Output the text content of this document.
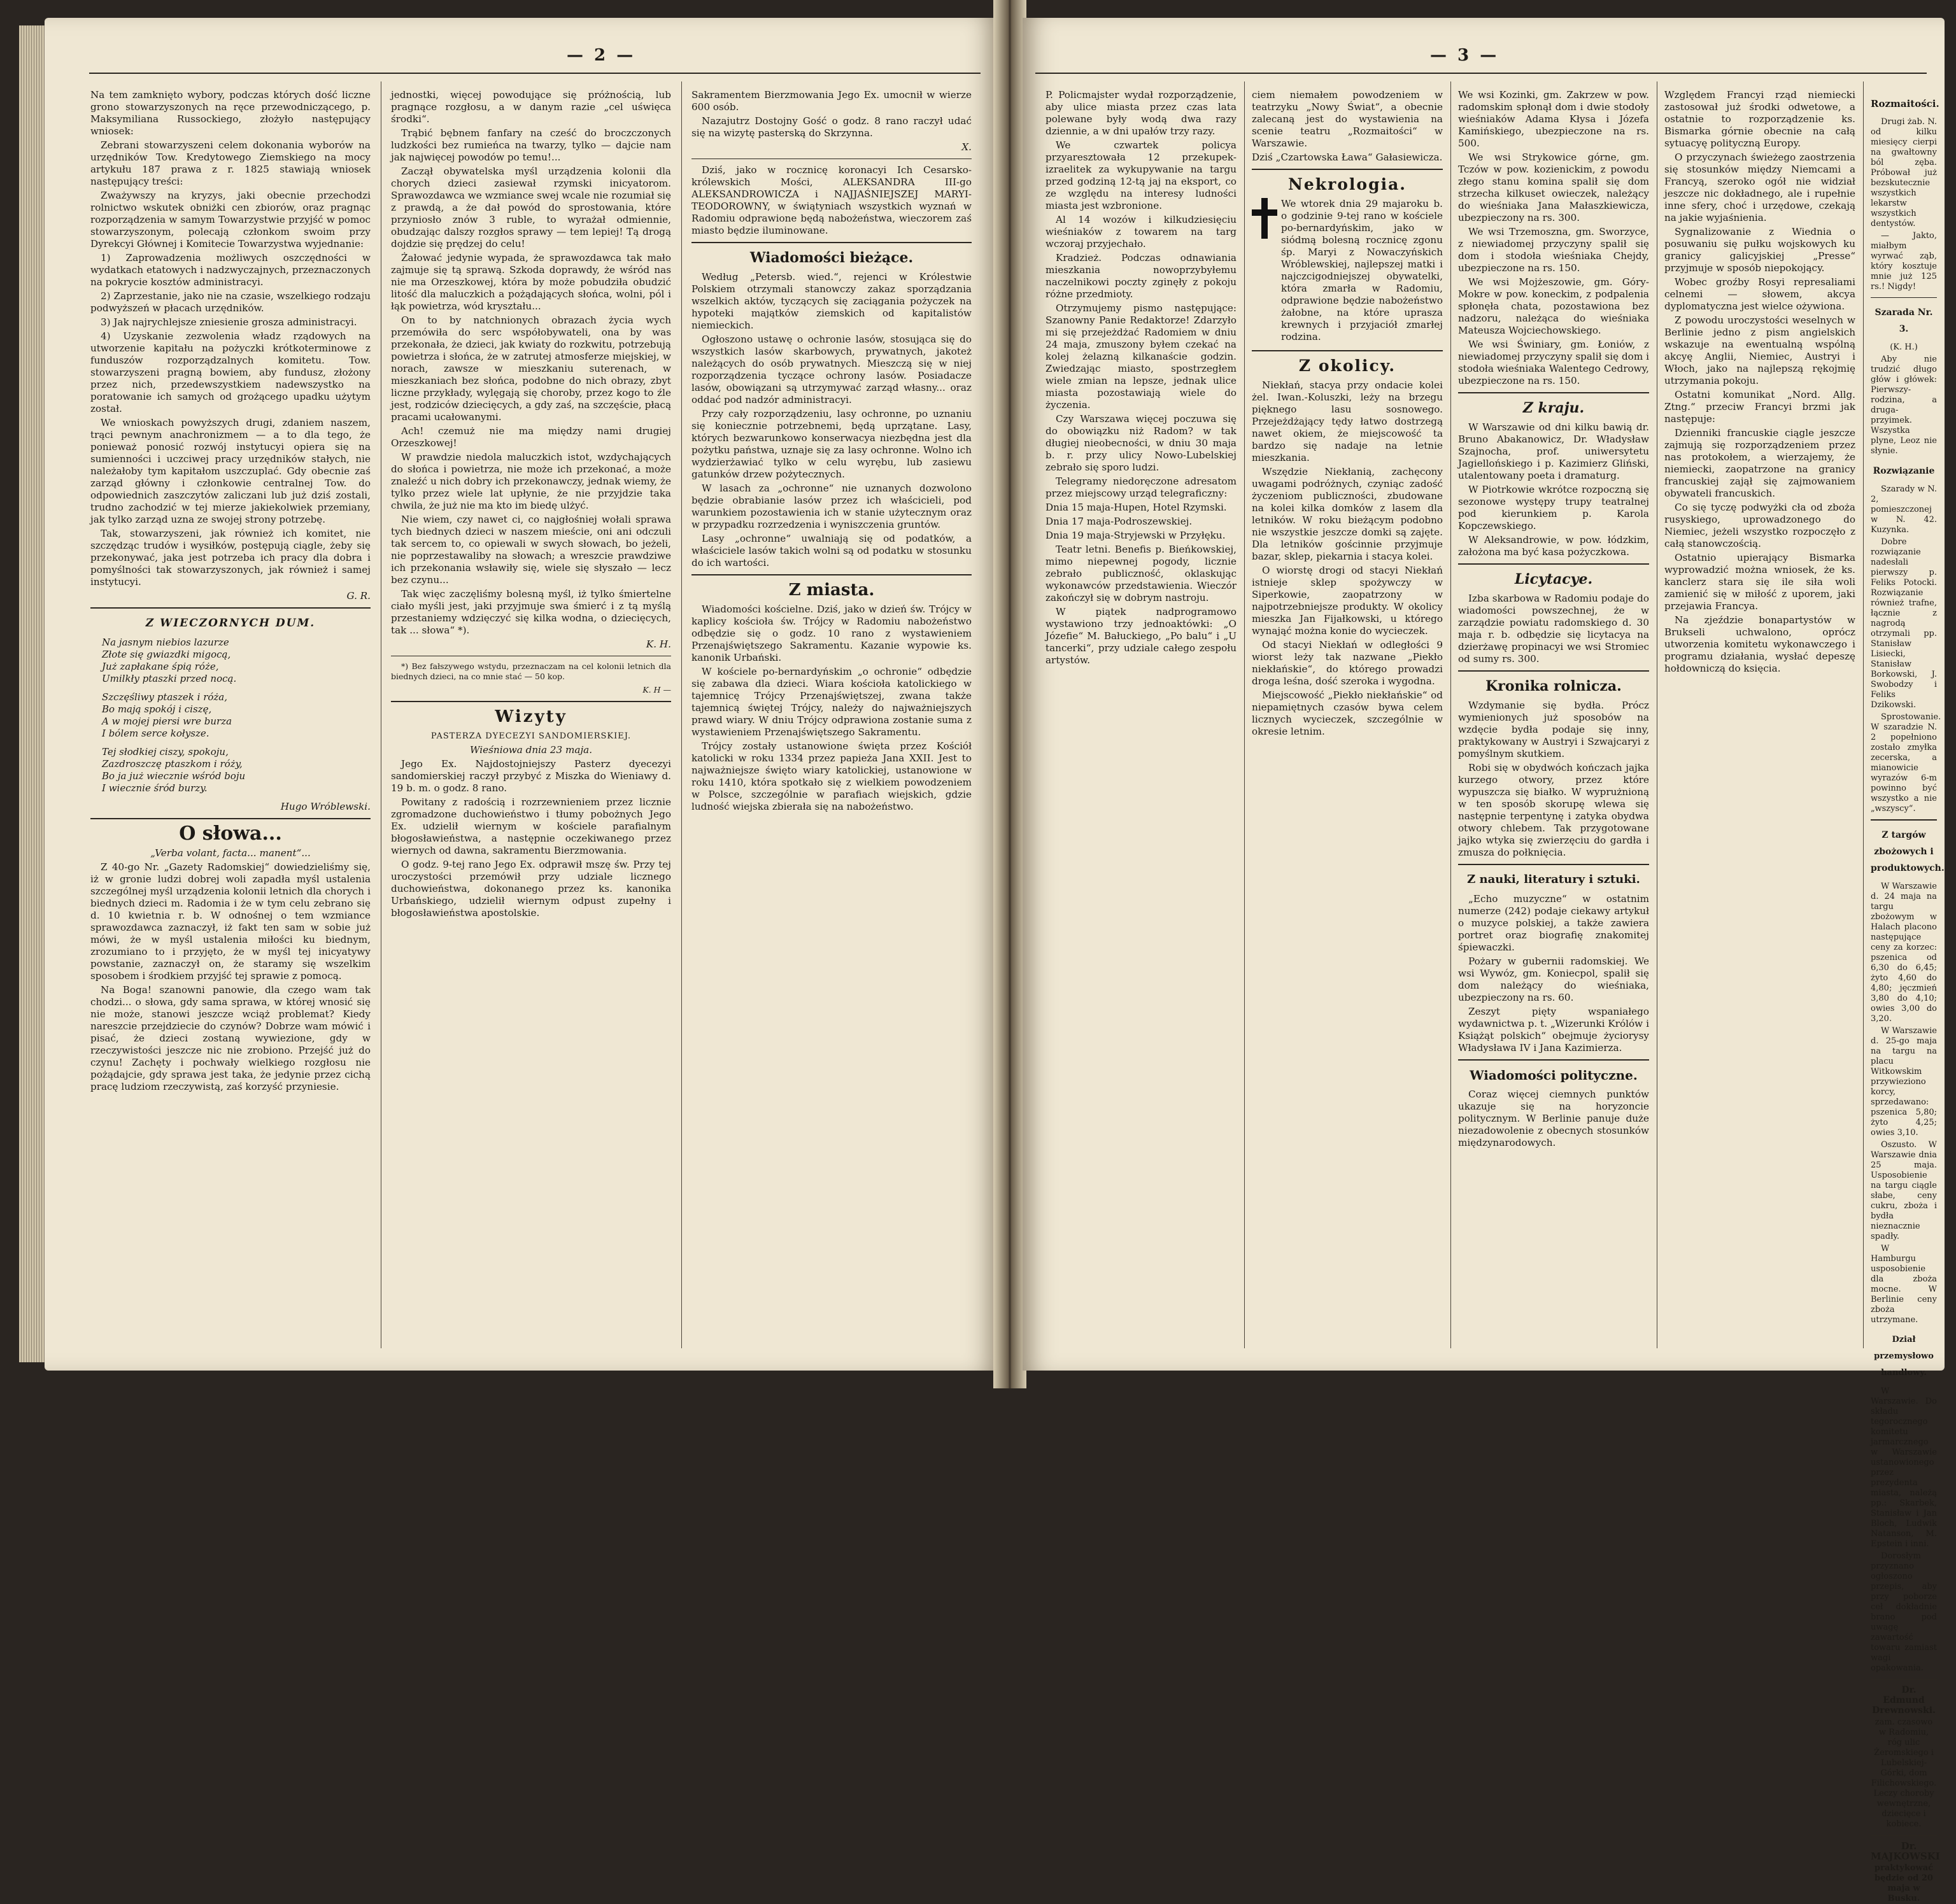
— 2 —

Na tem zamknięto wybory, podczas których dość liczne grono stowarzyszonych na ręce przewodniczącego, p. Maksymiliana Russockiego, złożyło następujący wniosek:

Zebrani stowarzyszeni celem dokonania wyborów na urzędników Tow. Kredytowego Ziemskiego na mocy artykułu 187 prawa z r. 1825 stawiają wniosek następujący treści:

Zważywszy na kryzys, jaki obecnie przechodzi rolnictwo wskutek obniżki cen zbiorów, oraz pragnąc rozporządzenia w samym Towarzystwie przyjść w pomoc stowarzyszonym, polecają członkom swoim przy Dyrekcyi Głównej i Komitecie Towarzystwa wyjednanie:

1) Zaprowadzenia możliwych oszczędności w wydatkach etatowych i nadzwyczajnych, przeznaczonych na pokrycie kosztów administracyi.

2) Zaprzestanie, jako nie na czasie, wszelkiego rodzaju podwyższeń w płacach urzędników.

3) Jak najrychlejsze zniesienie grosza administracyi.

4) Uzyskanie zezwolenia władz rządowych na utworzenie kapitału na pożyczki krótkoterminowe z funduszów rozporządzalnych komitetu. Tow. stowarzyszeni pragną bowiem, aby fundusz, złożony przez nich, przedewszystkiem nadewszystko na poratowanie ich samych od grożącego upadku użytym został.

We wnioskach powyższych drugi, zdaniem naszem, trąci pewnym anachronizmem — a to dla tego, że ponieważ ponosić rozwój instytucyi opiera się na sumienności i uczciwej pracy urzędników stałych, nie należałoby tym kapitałom uszczuplać. Gdy obecnie zaś zarząd główny i członkowie centralnej Tow. do odpowiednich zaszczytów zaliczani lub już dziś zostali, trudno zachodzić w tej mierze jakiekolwiek przemiany, jak tylko zarząd uzna ze swojej strony potrzebę.

Tak, stowarzyszeni, jak również ich komitet, nie szczędząc trudów i wysiłków, postępują ciągle, żeby się przekonywać, jaka jest potrzeba ich pracy dla dobra i pomyślności tak stowarzyszonych, jak również i samej instytucyi.

G. R.
Z WIECZORNYCH DUM.
Na jasnym niebios lazurze
Złote się gwiazdki migocą,
Już zapłakane śpią róże,
Umilkły ptaszki przed nocą.
Szczęśliwy ptaszek i róża,
Bo mają spokój i ciszę,
A w mojej piersi wre burza
I bólem serce kołysze.
Tej słodkiej ciszy, spokoju,
Zazdroszczę ptaszkom i róży,
Bo ja już wiecznie wśród boju
I wiecznie śród burzy.
Hugo Wróblewski.
O słowa...

„Verba volant, facta... manent“...

Z 40-go Nr. „Gazety Radomskiej“ dowiedzieliśmy się, iż w gronie ludzi dobrej woli zapadła myśl ustalenia szczególnej myśl urządzenia kolonii letnich dla chorych i biednych dzieci m. Radomia i że w tym celu zebrano się d. 10 kwietnia r. b. W odnośnej o tem wzmiance sprawozdawca zaznaczył, iż fakt ten sam w sobie już mówi, że w myśl ustalenia miłości ku biednym, zrozumiano to i przyjęto, że w myśl tej inicyatywy powstanie, zaznaczył on, że staramy się wszelkim sposobem i środkiem przyjść tej sprawie z pomocą.

Na Boga! szanowni panowie, dla czego wam tak chodzi... o słowa, gdy sama sprawa, w której wnosić się nie może, stanowi jeszcze wciąż problemat? Kiedy nareszcie przejdziecie do czynów? Dobrze wam mówić i pisać, że dzieci zostaną wywiezione, gdy w rzeczywistości jeszcze nic nie zrobiono. Przejść już do czynu! Zachęty i pochwały wielkiego rozgłosu nie pożądajcie, gdy sprawa jest taka, że jedynie przez cichą pracę ludziom rzeczywistą, zaś korzyść przyniesie.

jednostki, więcej powodujące się próżnością, lub pragnące rozgłosu, a w danym razie „cel uświęca środki“.

Trąbić bębnem fanfary na cześć do broczczonych ludzkości bez rumieńca na twarzy, tylko — dajcie nam jak najwięcej powodów po temu!...

Zaczął obywatelska myśl urządzenia kolonii dla chorych dzieci zasiewał rzymski inicyatorom. Sprawozdawca we wzmiance swej wcale nie rozumiał się z prawdą, a że dał powód do sprostowania, które przyniosło znów 3 ruble, to wyrażał odmiennie, obudzając dalszy rozgłos sprawy — tem lepiej! Tą drogą dojdzie się prędzej do celu!

Żałować jedynie wypada, że sprawozdawca tak mało zajmuje się tą sprawą. Szkoda doprawdy, że wśród nas nie ma Orzeszkowej, która by może pobudziła obudzić litość dla maluczkich a pożądających słońca, wolni, pól i łąk powietrza, wód kryształu...

On to by natchnionych obrazach życia wych przemówiła do serc współobywateli, ona by was przekonała, że dzieci, jak kwiaty do rozkwitu, potrzebują powietrza i słońca, że w zatrutej atmosferze miejskiej, w norach, zawsze w mieszkaniu suterenach, w mieszkaniach bez słońca, podobne do nich obrazy, zbyt liczne przykłady, wylęgają się choroby, przez kogo to źle jest, rodziców dziecięcych, a gdy zaś, na szczęście, płacą pracami ucałowanymi.

Ach! czemuż nie ma między nami drugiej Orzeszkowej!

W prawdzie niedola maluczkich istot, wzdychających do słońca i powietrza, nie może ich przekonać, a może znaleźć u nich dobry ich przekonawczy, jednak wiemy, że tylko przez wiele lat upłynie, że nie przyjdzie taka chwila, że już nie ma kto im biedę ulżyć.

Nie wiem, czy nawet ci, co najgłośniej wołali sprawa tych biednych dzieci w naszem mieście, oni ani odczuli tak sercem to, co opiewali w swych słowach, bo jeżeli, nie poprzestawaliby na słowach; a wreszcie prawdziwe ich przekonania wsławiły się, wiele się słyszało — lecz bez czynu...

Tak więc zaczęliśmy bolesną myśl, iż tylko śmiertelne ciało myśli jest, jaki przyjmuje swa śmierć i z tą myślą przestaniemy wdzięczyć się kilka wodna, o dziecięcych, tak ... słowa“ *).

K. H.

*) Bez fałszywego wstydu, przeznaczam na cel kolonii letnich dla biednych dzieci, na co mnie stać — 50 kop.

K. H —
Wizyty

PASTERZA DYECEZYI SANDOMIERSKIEJ.

Wieśniowa dnia 23 maja.

Jego Ex. Najdostojniejszy Pasterz dyecezyi sandomierskiej raczył przybyć z Miszka do Wieniawy d. 19 b. m. o godz. 8 rano.

Powitany z radością i rozrzewnieniem przez licznie zgromadzone duchowieństwo i tłumy pobożnych Jego Ex. udzielił wiernym w kościele parafialnym błogosławieństwa, a następnie oczekiwanego przez wiernych od dawna, sakramentu Bierzmowania.

O godz. 9-tej rano Jego Ex. odprawił mszę św. Przy tej uroczystości przemówił przy udziale licznego duchowieństwa, dokonanego przez ks. kanonika Urbańskiego, udzielił wiernym odpust zupełny i błogosławieństwa apostolskie.

Sakramentem Bierzmowania Jego Ex. umocnił w wierze 600 osób.

Nazajutrz Dostojny Gość o godz. 8 rano raczył udać się na wizytę pasterską do Skrzynna.

X.

Dziś, jako w rocznicę koronacyi Ich Cesarsko-królewskich Mości, ALEKSANDRA III-go ALEKSANDROWICZA i NAJJAŚNIEJSZEJ MARYI-TEODOROWNY, w świątyniach wszystkich wyznań w Radomiu odprawione będą nabożeństwa, wieczorem zaś miasto będzie iluminowane.

Wiadomości bieżące.

Według „Petersb. wied.“, rejenci w Królestwie Polskiem otrzymali stanowczy zakaz sporządzania wszelkich aktów, tyczących się zaciągania pożyczek na hypoteki majątków ziemskich od kapitalistów niemieckich.

Ogłoszono ustawę o ochronie lasów, stosująca się do wszystkich lasów skarbowych, prywatnych, jakoteż należących do osób prywatnych. Mieszczą się w niej rozporządzenia tyczące ochrony lasów. Posiadacze lasów, obowiązani są utrzymywać zarząd własny... oraz oddać pod nadzór administracyi.

Przy cały rozporządzeniu, lasy ochronne, po uznaniu się koniecznie potrzebnemi, będą uprzątane. Lasy, których bezwarunkowo konserwacya niezbędna jest dla pożytku państwa, uznaje się za lasy ochronne. Wolno ich wydzierżawiać tylko w celu wyrębu, lub zasiewu gatunków drzew pożytecznych.

W lasach za „ochronne“ nie uznanych dozwolono będzie obrabianie lasów przez ich właścicieli, pod warunkiem pozostawienia ich w stanie użytecznym oraz w przypadku rozrzedzenia i wyniszczenia gruntów.

Lasy „ochronne“ uwalniają się od podatków, a właściciele lasów takich wolni są od podatku w stosunku do ich wartości.

Z miasta.

Wiadomości kościelne. Dziś, jako w dzień św. Trójcy w kaplicy kościoła św. Trójcy w Radomiu nabożeństwo odbędzie się o godz. 10 rano z wystawieniem Przenajświętszego Sakramentu. Kazanie wypowie ks. kanonik Urbański.

W kościele po-bernardyńskim „o ochronie“ odbędzie się zabawa dla dzieci. Wiara kościoła katolickiego w tajemnicę Trójcy Przenajświętszej, zwana także tajemnicą świętej Trójcy, należy do najważniejszych prawd wiary. W dniu Trójcy odprawiona zostanie suma z wystawieniem Przenajświętszego Sakramentu.

Trójcy zostały ustanowione święta przez Kościół katolicki w roku 1334 przez papieża Jana XXII. Jest to najważniejsze święto wiary katolickiej, ustanowione w roku 1410, która spotkało się z wielkiem powodzeniem w Polsce, szczególnie w parafiach wiejskich, gdzie ludność wiejska zbierała się na nabożeństwo.

— 3 —

P. Policmajster wydał rozporządzenie, aby ulice miasta przez czas lata polewane były wodą dwa razy dziennie, a w dni upałów trzy razy.

We czwartek policya przyaresztowała 12 przekupek-izraelitek za wykupywanie na targu przed godziną 12-tą jaj na eksport, co ze względu na interesy ludności miasta jest wzbronione.

Al 14 wozów i kilkudziesięciu wieśniaków z towarem na targ wczoraj przyjechało.

Kradzież. Podczas odnawiania mieszkania nowoprzybyłemu naczelnikowi poczty zginęły z pokoju różne przedmioty.

Otrzymujemy pismo następujące: Szanowny Panie Redaktorze! Zdarzyło mi się przejeżdżać Radomiem w dniu 24 maja, zmuszony byłem czekać na kolej żelazną kilkanaście godzin. Zwiedzając miasto, spostrzegłem wiele zmian na lepsze, jednak ulice miasta pozostawiają wiele do życzenia.

Czy Warszawa więcej poczuwa się do obowiązku niż Radom? w tak długiej nieobecności, w dniu 30 maja b. r. przy ulicy Nowo-Lubelskiej zebrało się sporo ludzi.

Telegramy niedoręczone adresatom przez miejscowy urząd telegraficzny:

Dnia 15 maja-Hupen, Hotel Rzymski.

Dnia 17 maja-Podroszewskiej.

Dnia 19 maja-Stryjewski w Przyłęku.

Teatr letni. Benefis p. Bieńkowskiej, mimo niepewnej pogody, licznie zebrało publiczność, oklaskując wykonawców przedstawienia. Wieczór zakończył się w dobrym nastroju.

W piątek nadprogramowo wystawiono trzy jednoaktówki: „O Józefie“ M. Bałuckiego, „Po balu“ i „U tancerki“, przy udziale całego zespołu artystów.

ciem niemałem powodzeniem w teatrzyku „Nowy Świat“, a obecnie zalecaną jest do wystawienia na scenie teatru „Rozmaitości“ w Warszawie.

Dziś „Czartowska Ława“ Gałasiewicza.

Nekrologia.

We wtorek dnia 29 majaroku b. o godzinie 9-tej rano w kościele po-bernardyńskim, jako w siódmą bolesną rocznicę zgonu śp. Maryi z Nowaczyńskich Wróblewskiej, najlepszej matki i najczcigodniejszej obywatelki, która zmarła w Radomiu, odprawione będzie nabożeństwo żałobne, na które uprasza krewnych i przyjaciół zmarłej rodzina.

Z okolicy.

Niekłań, stacya przy ondacie kolei żel. Iwan.-Koluszki, leży na brzegu pięknego lasu sosnowego. Przejeżdżający tędy łatwo dostrzegą nawet okiem, że miejscowość ta bardzo się nadaje na letnie mieszkania.

Wszędzie Niekłanią, zachęcony uwagami podróżnych, czyniąc zadość życzeniom publiczności, zbudowane na kolei kilka domków z lasem dla letników. W roku bieżącym podobno nie wszystkie jeszcze domki są zajęte. Dla letników gościnnie przyjmuje bazar, sklep, piekarnia i stacya kolei.

O wiorstę drogi od stacyi Niekłań istnieje sklep spożywczy w Siperkowie, zaopatrzony w najpotrzebniejsze produkty. W okolicy mieszka Jan Fijałkowski, u którego wynająć można konie do wycieczek.

Od stacyi Niekłań w odległości 9 wiorst leży tak nazwane „Piekło niekłańskie“, do którego prowadzi droga leśna, dość szeroka i wygodna.

Miejscowość „Piekło niekłańskie“ od niepamiętnych czasów bywa celem licznych wycieczek, szczególnie w okresie letnim.

We wsi Kozinki, gm. Zakrzew w pow. radomskim spłonął dom i dwie stodoły wieśniaków Adama Kłysa i Józefa Kamińskiego, ubezpieczone na rs. 500.

We wsi Strykowice górne, gm. Tczów w pow. kozienickim, z powodu złego stanu komina spalił się dom strzecha kilkuset owieczek, należący do wieśniaka Jana Małaszkiewicza, ubezpieczony na rs. 300.

We wsi Trzemoszna, gm. Sworzyce, z niewiadomej przyczyny spalił się dom i stodoła wieśniaka Chejdy, ubezpieczone na rs. 150.

We wsi Mojżeszowie, gm. Góry-Mokre w pow. koneckim, z podpalenia spłonęła chata, pozostawiona bez nadzoru, należąca do wieśniaka Mateusza Wojciechowskiego.

We wsi Świniary, gm. Łoniów, z niewiadomej przyczyny spalił się dom i stodoła wieśniaka Walentego Cedrowy, ubezpieczone na rs. 150.

Z kraju.

W Warszawie od dni kilku bawią dr. Bruno Abakanowicz, Dr. Władysław Szajnocha, prof. uniwersytetu Jagiellońskiego i p. Kazimierz Gliński, utalentowany poeta i dramaturg.

W Piotrkowie wkrótce rozpoczną się sezonowe występy trupy teatralnej pod kierunkiem p. Karola Kopczewskiego.

W Aleksandrowie, w pow. łódzkim, założona ma być kasa pożyczkowa.

Licytacye.

Izba skarbowa w Radomiu podaje do wiadomości powszechnej, że w zarządzie powiatu radomskiego d. 30 maja r. b. odbędzie się licytacya na dzierżawę propinacyi we wsi Stromiec od sumy rs. 300.

Kronika rolnicza.

Wzdymanie się bydła. Prócz wymienionych już sposobów na wzdęcie bydła podaje się inny, praktykowany w Austryi i Szwajcaryi z pomyślnym skutkiem.

Robi się w obydwóch kończach jajka kurzego otwory, przez które wypuszcza się białko. W wyprużnioną w ten sposób skorupę wlewa się następnie terpentynę i zatyka obydwa otwory chlebem. Tak przygotowane jajko wtyka się zwierzęciu do gardła i zmusza do połknięcia.

Z nauki, literatury i sztuki.

„Echo muzyczne“ w ostatnim numerze (242) podaje ciekawy artykuł o muzyce polskiej, a także zawiera portret oraz biografię znakomitej śpiewaczki.

Pożary w gubernii radomskiej. We wsi Wywóz, gm. Koniecpol, spalił się dom należący do wieśniaka, ubezpieczony na rs. 60.

Zeszyt pięty wspaniałego wydawnictwa p. t. „Wizerunki Królów i Książąt polskich“ obejmuje życiorysy Władysława IV i Jana Kazimierza.

Wiadomości polityczne.

Coraz więcej ciemnych punktów ukazuje się na horyzoncie politycznym. W Berlinie panuje duże niezadowolenie z obecnych stosunków międzynarodowych.

Względem Francyi rząd niemiecki zastosował już środki odwetowe, a ostatnie to rozporządzenie ks. Bismarka górnie obecnie na całą sytuacyę polityczną Europy.

O przyczynach świeżego zaostrzenia się stosunków między Niemcami a Francyą, szeroko ogół nie widział jeszcze nic dokładnego, ale i rupełnie inne sfery, choć i urzędowe, czekają na jakie wyjaśnienia.

Sygnalizowanie z Wiednia o posuwaniu się pułku wojskowych ku granicy galicyjskiej „Presse“ przyjmuje w sposób niepokojący.

Wobec groźby Rosyi represaliami celnemi — słowem, akcya dyplomatyczna jest wielce ożywiona.

Z powodu uroczystości weselnych w Berlinie jedno z pism angielskich wskazuje na ewentualną wspólną akcyę Anglii, Niemiec, Austryi i Włoch, jako na najlepszą rękojmię utrzymania pokoju.

Ostatni komunikat „Nord. Allg. Ztng.“ przeciw Francyi brzmi jak następuje:

Dzienniki francuskie ciągle jeszcze zajmują się rozporządzeniem przez nas protokołem, a wierzajemy, że niemiecki, zaopatrzone na granicy francuskiej zajął się zajmowaniem obywateli francuskich.

Co się tyczę podwyżki cła od zboża rusyskiego, uprowadzonego do Niemiec, jeżeli wszystko rozpoczęło z całą stanowczością.

Ostatnio upierający Bismarka wyprowadzić można wniosek, że ks. kanclerz stara się ile siła woli zamienić się w miłość z uporem, jaki przejawia Francya.

Na zjeździe bonapartystów w Brukseli uchwalono, oprócz utworzenia komitetu wykonawczego i programu działania, wysłać depeszę hołdowniczą do księcia.

Rozmaitości.

Drugi żab. N. od kilku miesięcy cierpi na gwałtowny ból zęba. Próbował już bezskutecznie wszystkich lekarstw wszystkich dentystów.

— Jakto, miałbym wyrwać ząb, który kosztuje mnie już 125 rs.! Nigdy!

Szarada Nr. 3.

(K. H.)

Aby nie trudzić długo głów i główek: Pierwszy-rodzina, a druga-przyimek. Wszystka plyne, Leoz nie słynie.

Rozwiązanie

Szarady w N. 2, pomieszczonej w N. 42. Kuzynka.

Dobre rozwiązanie nadesłali pierwszy p. Feliks Potocki. Rozwiązanie również trafne, łącznie z nagrodą otrzymali pp. Stanisław Lisiecki, Stanisław Borkowski, J. Swobodzy i Feliks Dzikowski.

Sprostowanie. W szaradzie N. 2 popełniono zostało zmyłka zecerska, a mianowicie wyrazów 6-m powinno być wszystko a nie „wszyscy“.

Z targów zbożowych i produktowych.

W Warszawie d. 24 maja na targu zbożowym w Halach placono następujące ceny za korzec: pszenica od 6,30 do 6,45; żyto 4,60 do 4,80; jęczmień 3,80 do 4,10; owies 3,00 do 3,20.

W Warszawie d. 25-go maja na targu na placu Witkowskim przywieziono korcy, sprzedawano: pszenica 5,80; żyto 4,25; owies 3,10.

Oszusto. W Warszawie dnia 25 maja. Usposobienie na targu ciągle słabe, ceny cukru, zboża i bydła nieznacznie spadły.

W Hamburgu usposobienie dla zboża mocne. W Berlinie ceny zboża utrzymane.

Dział przemysłowo handlowy.

W Warszawie. Do składu tegorocznego komitetu jarmarcznego w Warszawie ustanowionego przez prezydenta miasta, należą pp.: Skarbek, Stanisław i Jan Bloch, Ludwik Natanson, M. Epstein i inni.

Dorosłym przyznano ogłoszono przepis, aby przy poborze ceł dokładnie brano pod uwagę zawartość towaru zamiast wagi opakowania.

Dr. Edmund Drewnowski.

zam. czasowo w Radomiu, róg ulic Żeromskiego i Lubelskiej-Górki, dom Filichowskiego. Leczy choroby wewnętrzne, dziecięce i kobiece.

Dr. MAJKOWSKI

praktykować będzie od 20 maja w Busku.
